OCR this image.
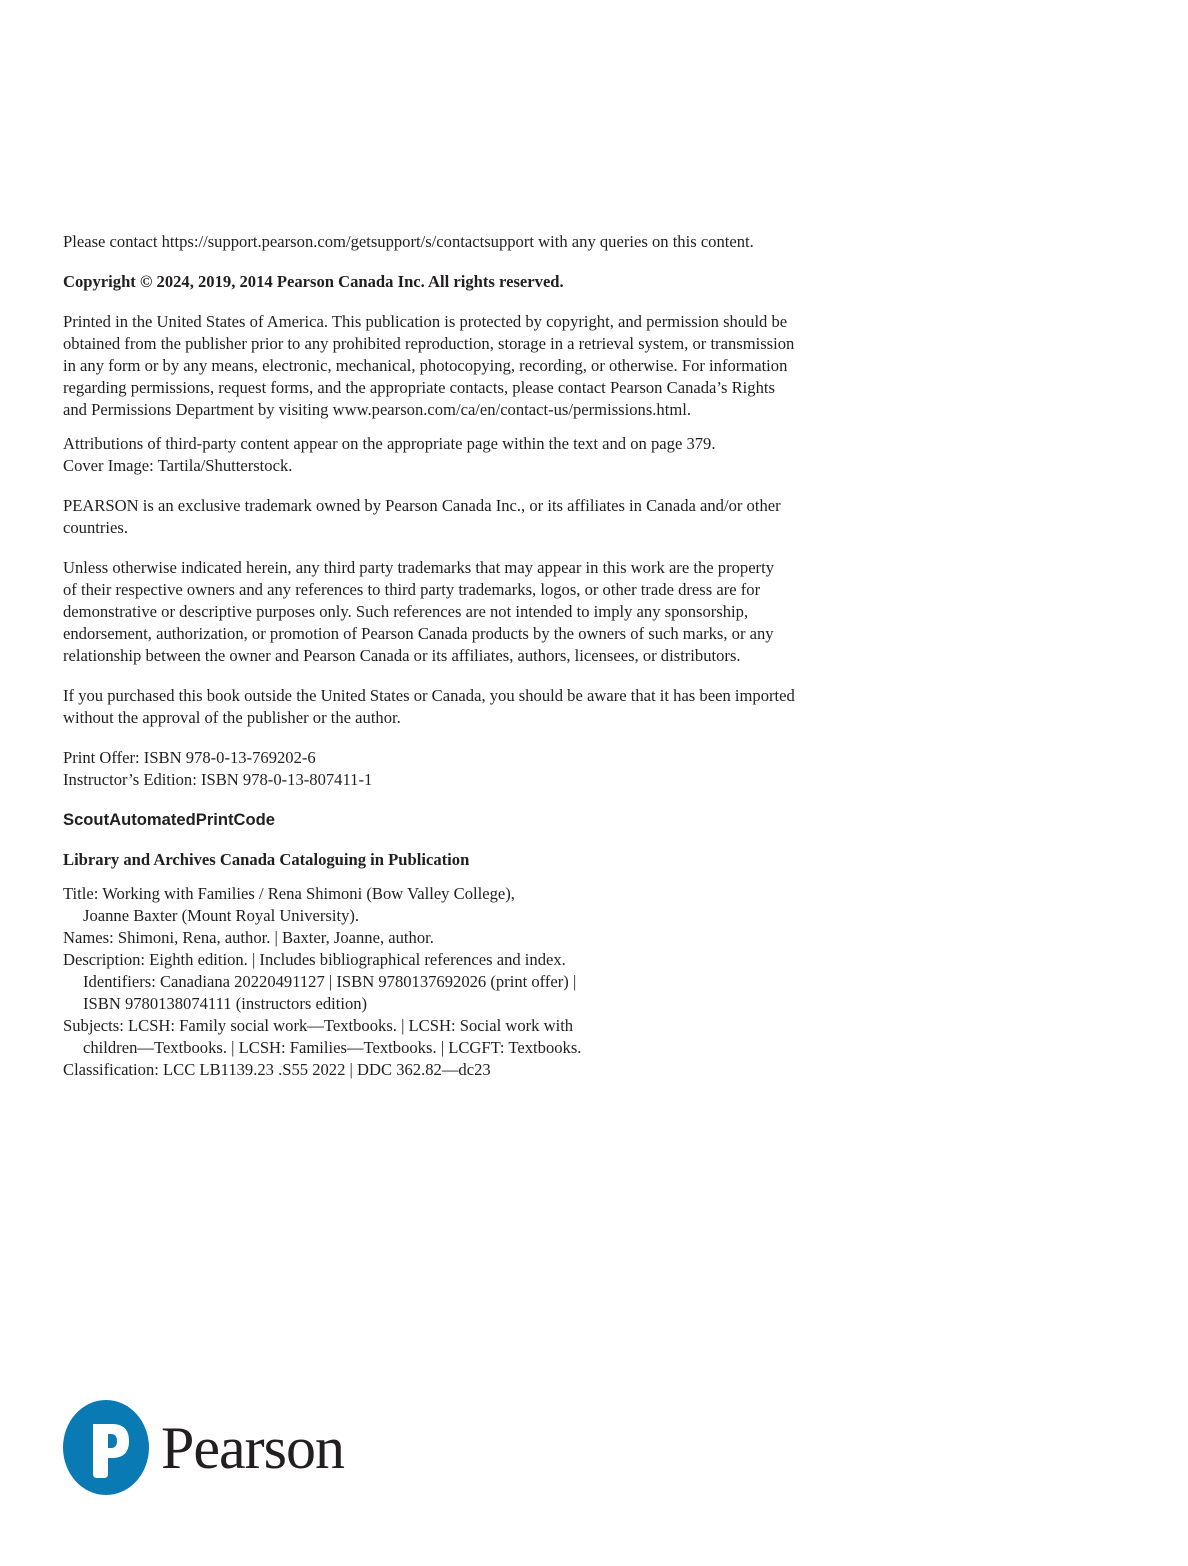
Please contact https://support.pearson.com/getsupport/s/contactsupport with any queries on this content.

Copyright © 2024, 2019, 2014 Pearson Canada Inc. All rights reserved.

Printed in the United States of America. This publication is protected by copyright, and permission should be
obtained from the publisher prior to any prohibited reproduction, storage in a retrieval system, or transmission
in any form or by any means, electronic, mechanical, photocopying, recording, or otherwise. For information
regarding permissions, request forms, and the appropriate contacts, please contact Pearson Canada’s Rights
and Permissions Department by visiting www.pearson.com/ca/en/contact-us/permissions.html.

Attributions of third-party content appear on the appropriate page within the text and on page 379.
Cover Image: Tartila/Shutterstock.

PEARSON is an exclusive trademark owned by Pearson Canada Inc., or its affiliates in Canada and/or other
countries.

Unless otherwise indicated herein, any third party trademarks that may appear in this work are the property
of their respective owners and any references to third party trademarks, logos, or other trade dress are for
demonstrative or descriptive purposes only. Such references are not intended to imply any sponsorship,
endorsement, authorization, or promotion of Pearson Canada products by the owners of such marks, or any
relationship between the owner and Pearson Canada or its affiliates, authors, licensees, or distributors.

If you purchased this book outside the United States or Canada, you should be aware that it has been imported
without the approval of the publisher or the author.

Print Offer: ISBN 978-0-13-769202-6
Instructor’s Edition: ISBN 978-0-13-807411-1

ScoutAutomatedPrintCode

Library and Archives Canada Cataloguing in Publication

Title: Working with Families / Rena Shimoni (Bow Valley College),
Joanne Baxter (Mount Royal University).
Names: Shimoni, Rena, author. | Baxter, Joanne, author.
Description: Eighth edition. | Includes bibliographical references and index.
Identifiers: Canadiana 20220491127 | ISBN 9780137692026 (print offer) |
ISBN 9780138074111 (instructors edition)
Subjects: LCSH: Family social work—Textbooks. | LCSH: Social work with
children—Textbooks. | LCSH: Families—Textbooks. | LCGFT: Textbooks.
Classification: LCC LB1139.23 .S55 2022 | DDC 362.82—dc23

Pearson
